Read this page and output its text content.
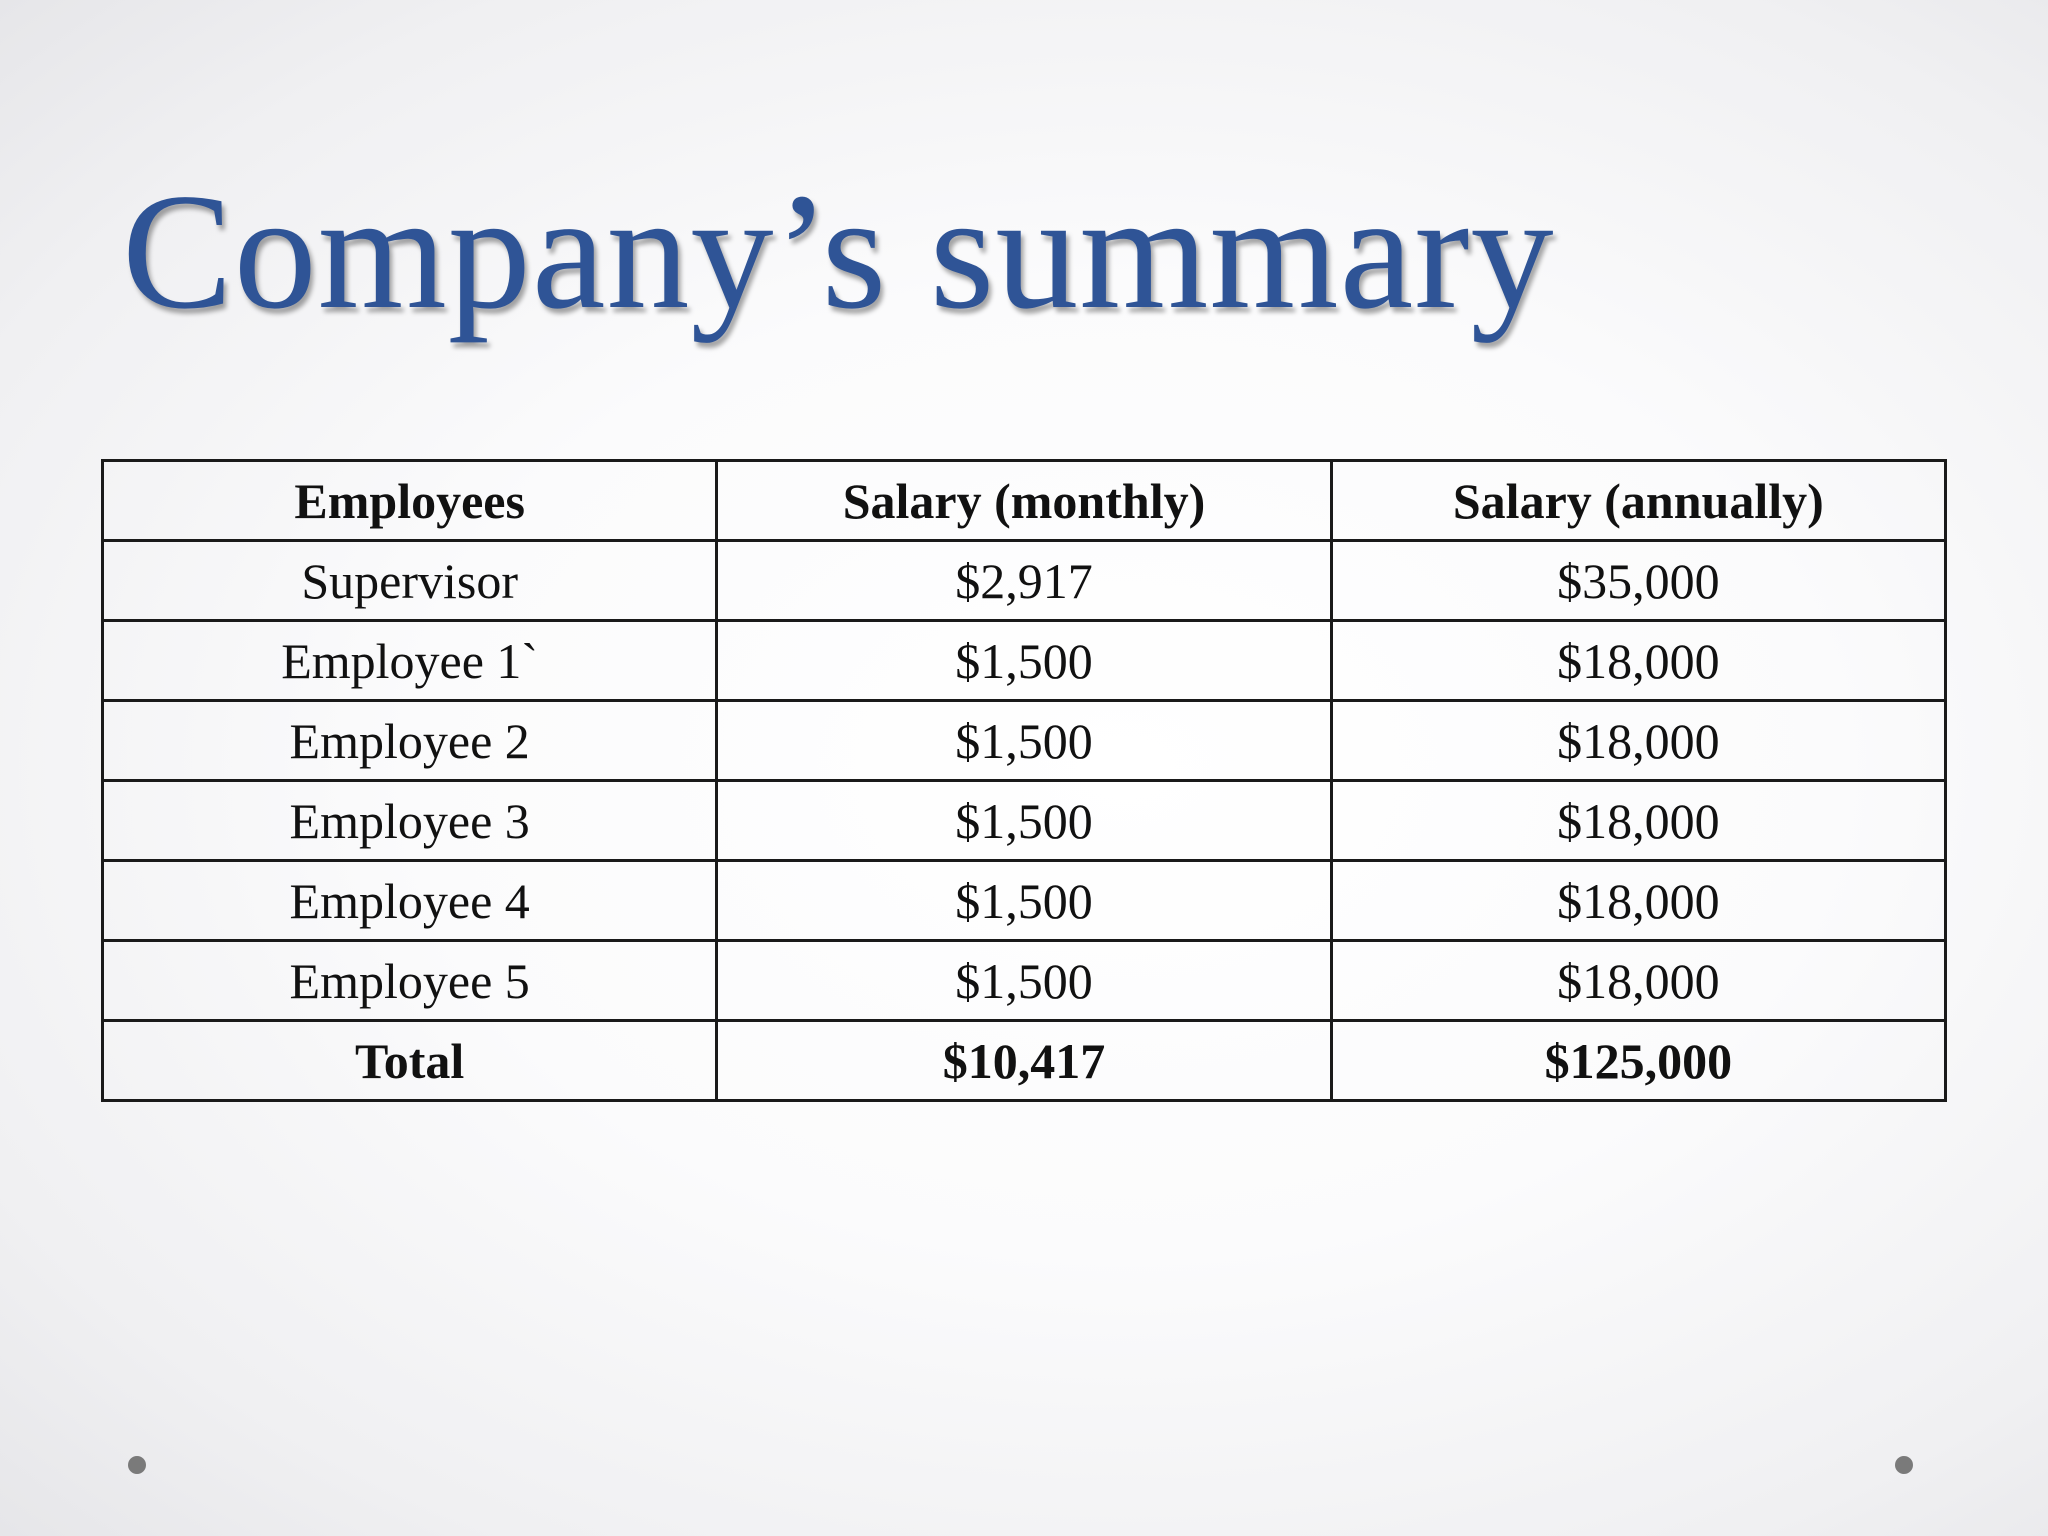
Company’s summary
Employees	Salary (monthly)	Salary (annually)
Supervisor	$2,917	$35,000
Employee 1`	$1,500	$18,000
Employee 2	$1,500	$18,000
Employee 3	$1,500	$18,000
Employee 4	$1,500	$18,000
Employee 5	$1,500	$18,000
Total	$10,417	$125,000
